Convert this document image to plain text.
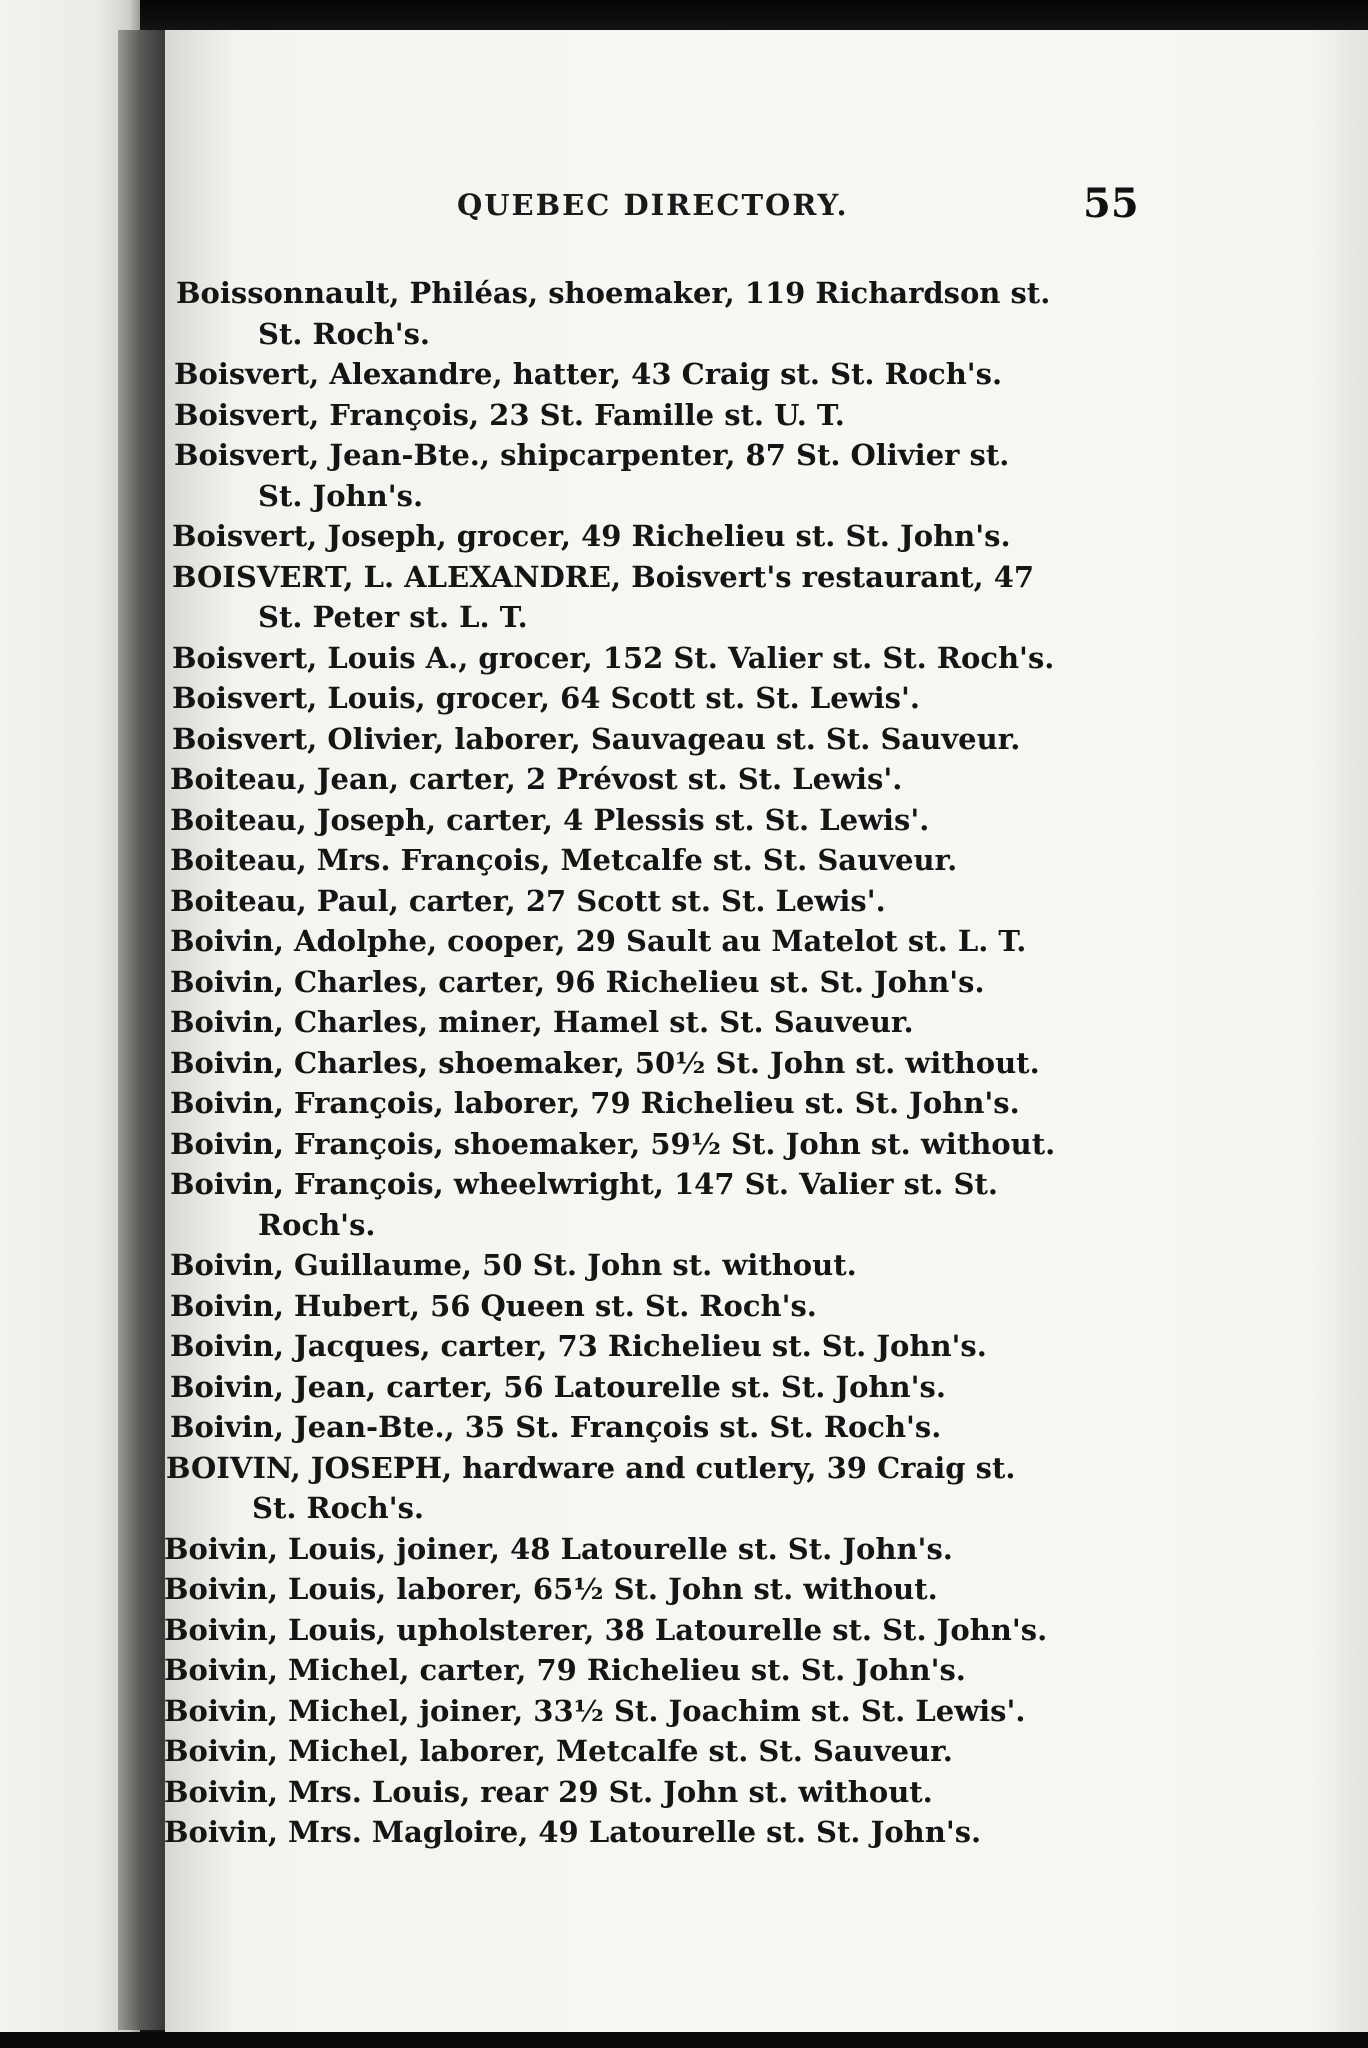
QUEBEC DIRECTORY.	55
Boissonnault, Philéas, shoemaker, 119 Richardson st.
St. Roch's.
Boisvert, Alexandre, hatter, 43 Craig st. St. Roch's.
Boisvert, François, 23 St. Famille st. U. T.
Boisvert, Jean-Bte., shipcarpenter, 87 St. Olivier st.
St. John's.
Boisvert, Joseph, grocer, 49 Richelieu st. St. John's.
BOISVERT, L. ALEXANDRE, Boisvert's restaurant, 47
St. Peter st. L. T.
Boisvert, Louis A., grocer, 152 St. Valier st. St. Roch's.
Boisvert, Louis, grocer, 64 Scott st. St. Lewis'.
Boisvert, Olivier, laborer, Sauvageau st. St. Sauveur.
Boiteau, Jean, carter, 2 Prévost st. St. Lewis'.
Boiteau, Joseph, carter, 4 Plessis st. St. Lewis'.
Boiteau, Mrs. François, Metcalfe st. St. Sauveur.
Boiteau, Paul, carter, 27 Scott st. St. Lewis'.
Boivin, Adolphe, cooper, 29 Sault au Matelot st. L. T.
Boivin, Charles, carter, 96 Richelieu st. St. John's.
Boivin, Charles, miner, Hamel st. St. Sauveur.
Boivin, Charles, shoemaker, 50½ St. John st. without.
Boivin, François, laborer, 79 Richelieu st. St. John's.
Boivin, François, shoemaker, 59½ St. John st. without.
Boivin, François, wheelwright, 147 St. Valier st. St.
Roch's.
Boivin, Guillaume, 50 St. John st. without.
Boivin, Hubert, 56 Queen st. St. Roch's.
Boivin, Jacques, carter, 73 Richelieu st. St. John's.
Boivin, Jean, carter, 56 Latourelle st. St. John's.
Boivin, Jean-Bte., 35 St. François st. St. Roch's.
BOIVIN, JOSEPH, hardware and cutlery, 39 Craig st.
St. Roch's.
Boivin, Louis, joiner, 48 Latourelle st. St. John's.
Boivin, Louis, laborer, 65½ St. John st. without.
Boivin, Louis, upholsterer, 38 Latourelle st. St. John's.
Boivin, Michel, carter, 79 Richelieu st. St. John's.
Boivin, Michel, joiner, 33½ St. Joachim st. St. Lewis'.
Boivin, Michel, laborer, Metcalfe st. St. Sauveur.
Boivin, Mrs. Louis, rear 29 St. John st. without.
Boivin, Mrs. Magloire, 49 Latourelle st. St. John's.
